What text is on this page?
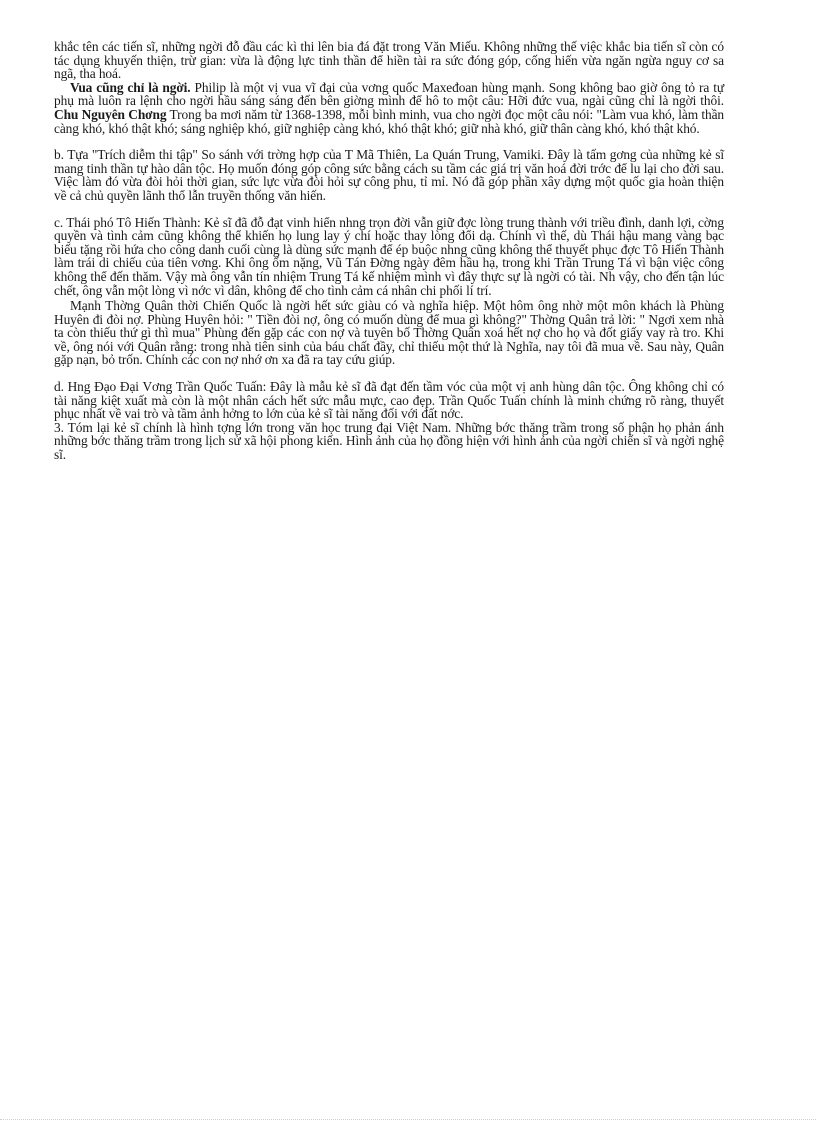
khắc tên các tiến sĩ, những ngời đỗ đầu các kì thi lên bia đá đặt trong Văn Miếu. Không những thế việc khắc bia tiến sĩ còn có tác dụng khuyến thiện, trừ gian: vừa là động lực tinh thần để hiền tài ra sức đóng góp, cống hiến vừa ngăn ngừa nguy cơ sa ngã, tha hoá.

Vua cũng chỉ là ngời. Philip là một vị vua vĩ đại của vơng quốc Maxeđoan hùng mạnh. Song không bao giờ ông tỏ ra tự phụ mà luôn ra lệnh cho ngời hầu sáng sáng đến bên giờng mình để hô to một câu: Hỡi đức vua, ngài cũng chỉ là ngời thôi. Chu Nguyên Chơng Trong ba mơi năm từ 1368-1398, mỗi bình minh, vua cho ngời đọc một câu nói: "Làm vua khó, làm thần càng khó, khó thật khó; sáng nghiệp khó, giữ nghiệp càng khó, khó thật khó; giữ nhà khó, giữ thân càng khó, khó thật khó.

b. Tựa "Trích diễm thi tập" So sánh với trờng hợp của T Mã Thiên, La Quán Trung, Vamiki. Đây là tấm gơng của những kẻ sĩ mang tinh thần tự hào dân tộc. Họ muốn đóng góp công sức bằng cách su tầm các giá trị văn hoá đời trớc để lu lại cho đời sau. Việc làm đó vừa đòi hỏi thời gian, sức lực vừa đòi hỏi sự công phu, tỉ mỉ. Nó đã góp phần xây dựng một quốc gia hoàn thiện về cả chủ quyền lãnh thổ lẫn truyền thống văn hiến.

c. Thái phó Tô Hiến Thành: Kẻ sĩ đã đỗ đạt vinh hiển nhng trọn đời vẫn giữ đợc lòng trung thành với triều đình, danh lợi, cờng quyền và tình cảm cũng không thể khiến họ lung lay ý chí hoặc thay lòng đổi dạ. Chính vì thế, dù Thái hậu mang vàng bạc biếu tặng rồi hứa cho công danh cuối cùng là dùng sức mạnh để ép buộc nhng cũng không thể thuyết phục đợc Tô Hiến Thành làm trái di chiếu của tiên vơng. Khi ông ốm nặng, Vũ Tán Đờng ngày đêm hầu hạ, trong khi Trần Trung Tá vì bận việc công không thể đến thăm. Vậy mà ông vẫn tín nhiệm Trung Tá kế nhiệm mình vì đây thực sự là ngời có tài. Nh vậy, cho đến tận lúc chết, ông vẫn một lòng vì nớc vì dân, không để cho tình cảm cá nhân chi phối lí trí.

Mạnh Thờng Quân thời Chiến Quốc là ngời hết sức giàu có và nghĩa hiệp. Một hôm ông nhờ một môn khách là Phùng Huyên đi đòi nợ. Phùng Huyên hỏi: " Tiền đòi nợ, ông có muốn dùng để mua gì không?" Thờng Quân trả lời: " Ngơi xem nhà ta còn thiếu thứ gì thì mua" Phùng đến gặp các con nợ và tuyên bố Thờng Quân xoá hết nợ cho họ và đốt giấy vay rà tro. Khi về, ông nói với Quân rằng: trong nhà tiên sinh của báu chất đầy, chỉ thiếu một thứ là Nghĩa, nay tôi đã mua về. Sau này, Quân gặp nạn, bỏ trốn. Chính các con nợ nhớ ơn xa đã ra tay cứu giúp.

d. Hng Đạo Đại Vơng Trần Quốc Tuấn: Đây là mẫu kẻ sĩ đã đạt đến tầm vóc của một vị anh hùng dân tộc. Ông không chỉ có tài năng kiệt xuất mà còn là một nhân cách hết sức mẫu mực, cao đẹp. Trần Quốc Tuấn chính là minh chứng rõ ràng, thuyết phục nhất về vai trò và tầm ảnh hởng to lớn của kẻ sĩ tài năng đối với đất nớc.

3. Tóm lại kẻ sĩ chính là hình tợng lớn trong văn học trung đại Việt Nam. Những bớc thăng trầm trong số phận họ phản ánh những bớc thăng trầm trong lịch sử xã hội phong kiến. Hình ảnh của họ đồng hiện với hình ảnh của ngời chiến sĩ và ngời nghệ sĩ.
